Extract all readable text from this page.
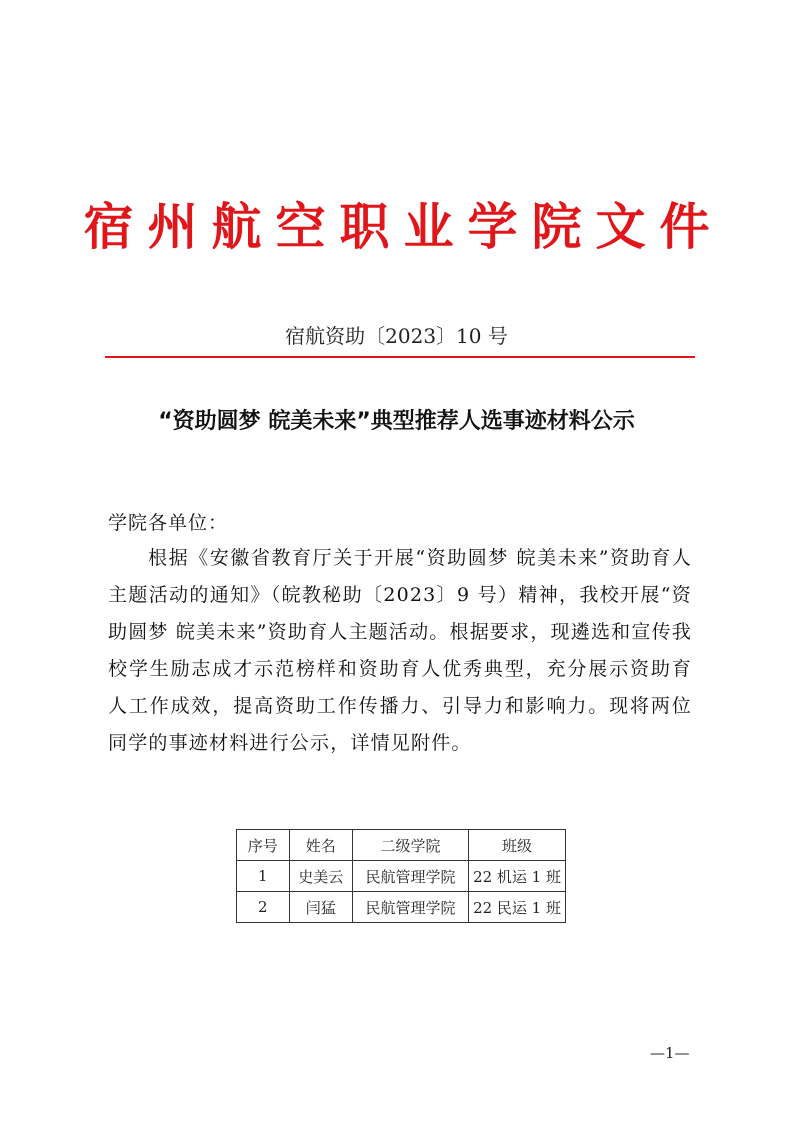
宿州航空职业学院文件
宿航资助〔2023〕10 号
“资助圆梦 皖美未来”典型推荐人选事迹材料公示
学院各单位：

根据《安徽省教育厅关于开展“资助圆梦 皖美未来”资助育人主题活动的通知》（皖教秘助〔2023〕9 号）精神，我校开展“资助圆梦 皖美未来”资助育人主题活动。根据要求，现遴选和宣传我校学生励志成才示范榜样和资助育人优秀典型，充分展示资助育人工作成效，提高资助工作传播力、引导力和影响力。现将两位同学的事迹材料进行公示，详情见附件。

序号	姓名	二级学院	班级
1	史美云	民航管理学院	22 机运 1 班
2	闫猛	民航管理学院	22 民运 1 班
—1—
